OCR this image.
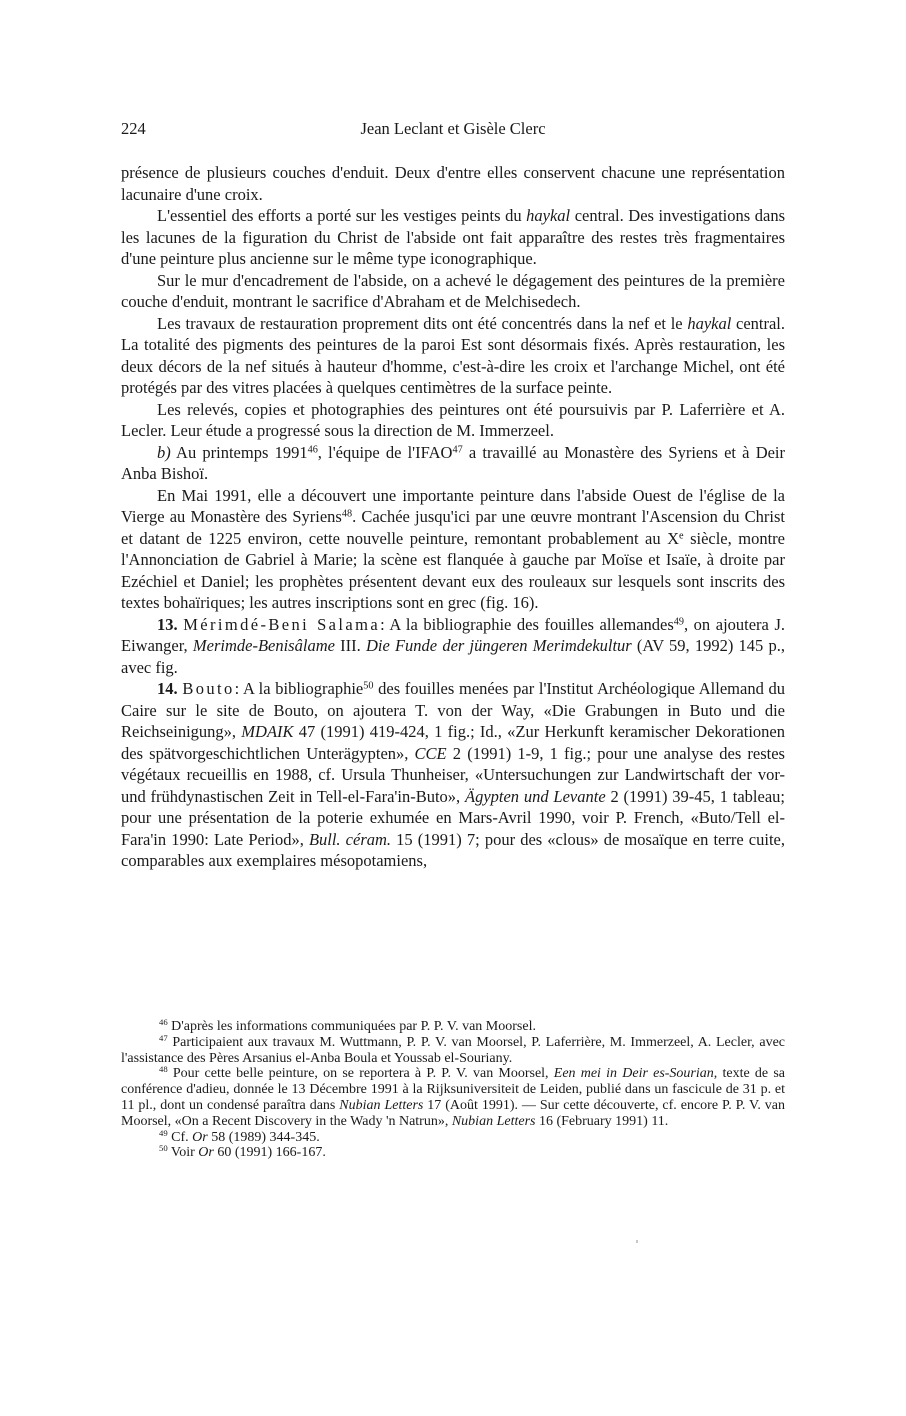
224	Jean Leclant et Gisèle Clerc

présence de plusieurs couches d'enduit. Deux d'entre elles conservent chacune une représentation lacunaire d'une croix.

L'essentiel des efforts a porté sur les vestiges peints du haykal central. Des investigations dans les lacunes de la figuration du Christ de l'abside ont fait apparaître des restes très fragmentaires d'une peinture plus ancienne sur le même type iconographique.

Sur le mur d'encadrement de l'abside, on a achevé le dégagement des peintures de la première couche d'enduit, montrant le sacrifice d'Abraham et de Melchisedech.

Les travaux de restauration proprement dits ont été concentrés dans la nef et le haykal central. La totalité des pigments des peintures de la paroi Est sont désormais fixés. Après restauration, les deux décors de la nef situés à hauteur d'homme, c'est-à-dire les croix et l'archange Michel, ont été protégés par des vitres placées à quelques centimètres de la surface peinte.

Les relevés, copies et photographies des peintures ont été poursuivis par P. Laferrière et A. Lecler. Leur étude a progressé sous la direction de M. Immerzeel.

b) Au printemps 1991$^{46}$, l'équipe de l'IFAO$^{47}$ a travaillé au Monastère des Syriens et à Deir Anba Bishoï.

En Mai 1991, elle a découvert une importante peinture dans l'abside Ouest de l'église de la Vierge au Monastère des Syriens$^{48}$. Cachée jusqu'ici par une œuvre montrant l'Ascension du Christ et datant de 1225 environ, cette nouvelle peinture, remontant probablement au Xe siècle, montre l'Annonciation de Gabriel à Marie; la scène est flanquée à gauche par Moïse et Isaïe, à droite par Ezéchiel et Daniel; les prophètes présentent devant eux des rouleaux sur lesquels sont inscrits des textes bohaïriques; les autres inscriptions sont en grec (fig. 16).

13. Mérimdé-Beni Salama: A la bibliographie des fouilles allemandes$^{49}$, on ajoutera J. Eiwanger, Merimde-Benisâlame III. Die Funde der jüngeren Merimdekultur (AV 59, 1992) 145 p., avec fig.

14. Bouto: A la bibliographie$^{50}$ des fouilles menées par l'Institut Archéologique Allemand du Caire sur le site de Bouto, on ajoutera T. von der Way, «Die Grabungen in Buto und die Reichseinigung», MDAIK 47 (1991) 419-424, 1 fig.; Id., «Zur Herkunft keramischer Dekorationen des spätvorgeschichtlichen Unterägypten», CCE 2 (1991) 1-9, 1 fig.; pour une analyse des restes végétaux recueillis en 1988, cf. Ursula Thunheiser, «Untersuchungen zur Landwirtschaft der vor- und frühdynastischen Zeit in Tell-el-Fara'in-Buto», Ägypten und Levante 2 (1991) 39-45, 1 tableau; pour une présentation de la poterie exhumée en Mars-Avril 1990, voir P. French, «Buto/Tell el-Fara'in 1990: Late Period», Bull. céram. 15 (1991) 7; pour des «clous» de mosaïque en terre cuite, comparables aux exemplaires mésopotamiens,

$^{46}$ D'après les informations communiquées par P. P. V. van Moorsel.

$^{47}$ Participaient aux travaux M. Wuttmann, P. P. V. van Moorsel, P. Laferrière, M. Immerzeel, A. Lecler, avec l'assistance des Pères Arsanius el-Anba Boula et Youssab el-Souriany.

$^{48}$ Pour cette belle peinture, on se reportera à P. P. V. van Moorsel, Een mei in Deir es-Sourian, texte de sa conférence d'adieu, donnée le 13 Décembre 1991 à la Rijksuniversiteit de Leiden, publié dans un fascicule de 31 p. et 11 pl., dont un condensé paraîtra dans Nubian Letters 17 (Août 1991). — Sur cette découverte, cf. encore P. P. V. van Moorsel, «On a Recent Discovery in the Wady 'n Natrun», Nubian Letters 16 (February 1991) 11.

$^{49}$ Cf. Or 58 (1989) 344-345.

$^{50}$ Voir Or 60 (1991) 166-167.
